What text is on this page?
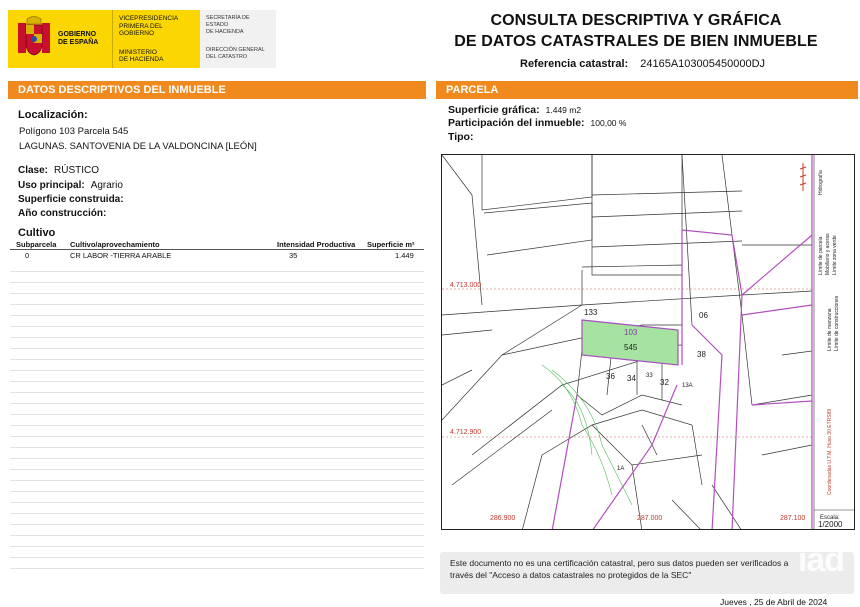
GOBIERNO
DE ESPAÑA
VICEPRESIDENCIA
PRIMERA DEL GOBIERNO
MINISTERIO
DE HACIENDA
SECRETARÍA DE ESTADO
DE HACIENDA
DIRECCIÓN GENERAL
DEL CATASTRO
CONSULTA DESCRIPTIVA Y GRÁFICA
DE DATOS CATASTRALES DE BIEN INMUEBLE
Referencia catastral: 24165A103005450000DJ
DATOS DESCRIPTIVOS DEL INMUEBLE	PARCELA
Localización:
Polígono 103 Parcela 545
LAGUNAS. SANTOVENIA DE LA VALDONCINA [LEÓN]
Clase: RÚSTICO
Uso principal: Agrario
Superficie construida:
Año construcción:
Cultivo
Subparcela Cultivo/aprovechamiento	Intensidad Productiva Superficie m²
0	CR LABOR -TIERRA ARABLE	35	1.449
Superficie gráfica: 1.449 m2
Participación del inmueble: 100,00 %
Tipo:
4.713.000
4.712.900
286.900	287.000	287.100
133
103
545
06
38
36 34 33
32 13A
1A
Límite de manzana
Límite de parcela
Límite de construcciones
Mobiliario y aceras Límite zona verde
Hidrografía
Coordenadas U.T.M. Huso 30 ETRS89
Escala:
1/2000
Este documento no es una certificación catastral, pero sus datos pueden ser verificados a
través del "Acceso a datos catastrales no protegidos de la SEC"	iad
Jueves , 25 de Abril de 2024
